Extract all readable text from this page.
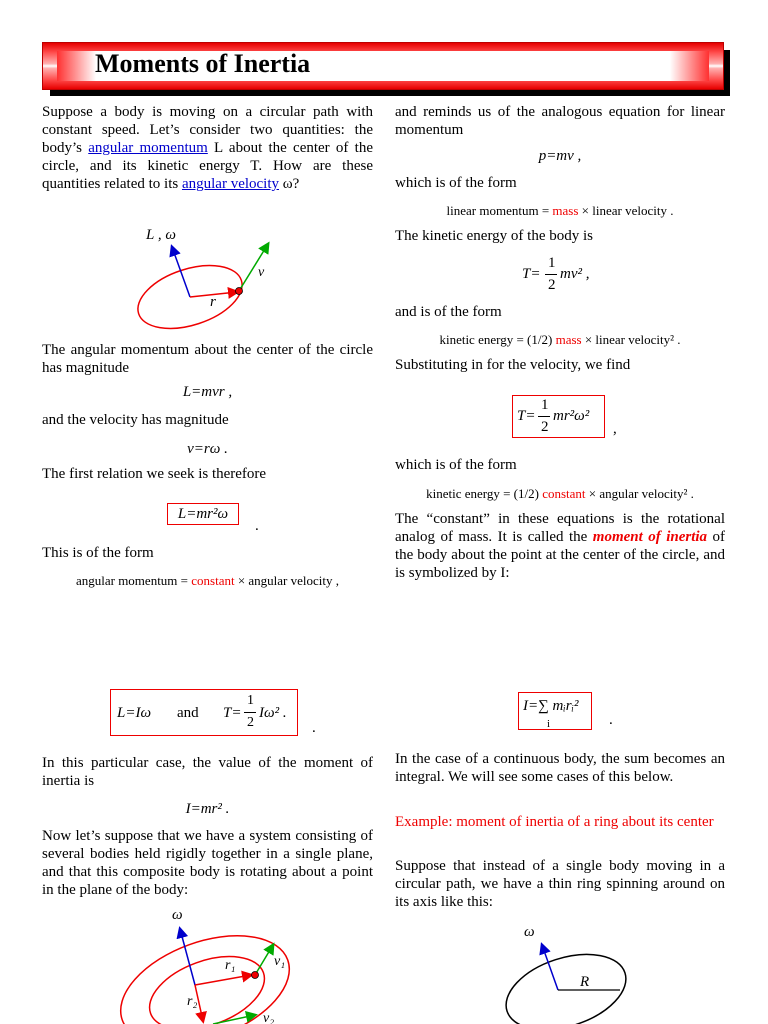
Moments of Inertia
Suppose a body is moving on a circular path with constant speed. Let’s consider two quantities: the body’s angular momentum L about the center of the circle, and its kinetic energy T. How are these quantities related to its angular velocity ω?
L , ω
v
r
The angular momentum about the center of the circle has magnitude
L=mvr ,
and the velocity has magnitude
v=rω .
The first relation we seek is therefore
L=mr²ω
.
This is of the form
angular momentum = constant × angular velocity ,
L=Iω and T=
1
2
Iω² .
.
In this particular case, the value of the moment of inertia is
I=mr² .
Now let’s suppose that we have a system consisting of several bodies held rigidly together in a single plane, and that this composite body is rotating about a point in the plane of the body:
ω
r₁	v₁
r₂
v₂
and reminds us of the analogous equation for linear momentum
p=mv ,
which is of the form
linear momentum = mass × linear velocity .
The kinetic energy of the body is
T=
1
2
mv² ,
and is of the form
kinetic energy = (1/2) mass × linear velocity² .
Substituting in for the velocity, we find
T=
1
2
mr²ω²
,
which is of the form
kinetic energy = (1/2) constant × angular velocity² .
The “constant” in these equations is the rotational analog of mass. It is called the moment of inertia of the body about the point at the center of the circle, and is symbolized by I:
I=∑ mᵢrᵢ²
i	.
In the case of a continuous body, the sum becomes an integral. We will see some cases of this below.
Example: moment of inertia of a ring about its center
Suppose that instead of a single body moving in a circular path, we have a thin ring spinning around on its axis like this:
ω
R
